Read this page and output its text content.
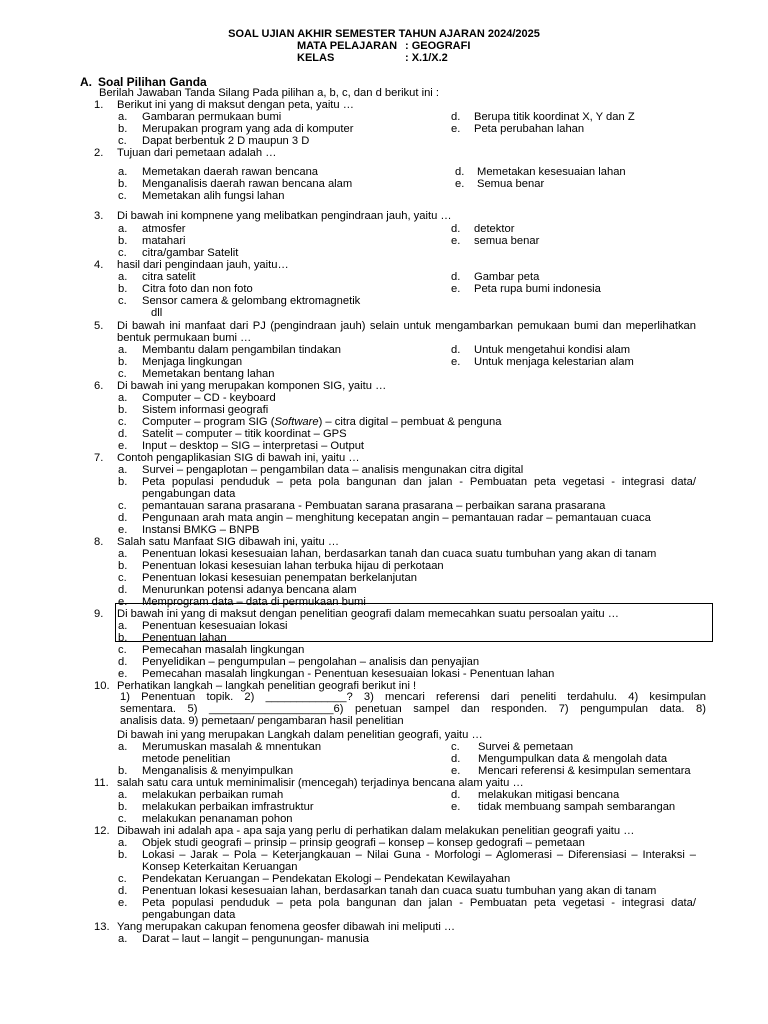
SOAL UJIAN AKHIR SEMESTER TAHUN AJARAN 2024/2025
MATA PELAJARAN : GEOGRAFI
KELAS	: X.1/X.2
A. Soal Pilihan Ganda
Berilah Jawaban Tanda Silang Pada pilihan a, b, c, dan d berikut ini :
1. Berikut ini yang di maksut dengan peta, yaitu …
a. Gambaran permukaan bumi	d. Berupa titik koordinat X, Y dan Z
b. Merupakan program yang ada di komputer	e. Peta perubahan lahan
c. Dapat berbentuk 2 D maupun 3 D
2. Tujuan dari pemetaan adalah …
a. Memetakan daerah rawan bencana	d. Memetakan kesesuaian lahan
b. Menganalisis daerah rawan bencana alam	e. Semua benar
c. Memetakan alih fungsi lahan
3. Di bawah ini kompnene yang melibatkan pengindraan jauh, yaitu …
a. atmosfer	d. detektor
b. matahari	e. semua benar
c. citra/gambar Satelit
4. hasil dari pengindaan jauh, yaitu…
a. citra satelit	d. Gambar peta
b. Citra foto dan non foto	e. Peta rupa bumi indonesia
c. Sensor camera & gelombang ektromagnetik
dll
5. Di bawah ini manfaat dari PJ (pengindraan jauh) selain untuk mengambarkan pemukaan bumi dan meperlihatkan
bentuk permukaan bumi …
a. Membantu dalam pengambilan tindakan	d. Untuk mengetahui kondisi alam
b. Menjaga lingkungan	e. Untuk menjaga kelestarian alam
c. Memetakan bentang lahan
6. Di bawah ini yang merupakan komponen SIG, yaitu …
a. Computer – CD - keyboard
b. Sistem informasi geografi
c. Computer – program SIG (Software) – citra digital – pembuat & penguna
d. Satelit – computer – titik koordinat – GPS
e. Input – desktop – SIG – interpretasi – Output
7. Contoh pengaplikasian SIG di bawah ini, yaitu …
a. Survei – pengaplotan – pengambilan data – analisis mengunakan citra digital
b. Peta populasi penduduk – peta pola bangunan dan jalan - Pembuatan peta vegetasi - integrasi data/
pengabungan data
c. pemantauan sarana prasarana - Pembuatan sarana prasarana – perbaikan sarana prasarana
d. Pengunaan arah mata angin – menghitung kecepatan angin – pemantauan radar – pemantauan cuaca
e. Instansi BMKG – BNPB
8. Salah satu Manfaat SIG dibawah ini, yaitu …
a. Penentuan lokasi kesesuaian lahan, berdasarkan tanah dan cuaca suatu tumbuhan yang akan di tanam
b. Penentuan lokasi kesesuian lahan terbuka hijau di perkotaan
c. Penentuan lokasi kesesuian penempatan berkelanjutan
d. Menurunkan potensi adanya bencana alam
e. Memprogram data – data di permukaan bumi
9. Di bawah ini yang di maksut dengan penelitian geografi dalam memecahkan suatu persoalan yaitu …
a. Penentuan kesesuaian lokasi
b. Penentuan lahan
c. Pemecahan masalah lingkungan
d. Penyelidikan – pengumpulan – pengolahan – analisis dan penyajian
e. Pemecahan masalah lingkungan - Penentuan kesesuaian lokasi - Penentuan lahan
10. Perhatikan langkah – langkah penelitian geografi berikut ini !
1) Penentuan topik. 2) _____________? 3) mencari referensi dari peneliti terdahulu. 4) kesimpulan
sementara. 5) ____________________6) penetuan sampel dan responden. 7) pengumpulan data. 8)
analisis data. 9) pemetaan/ pengambaran hasil penelitian
Di bawah ini yang merupakan Langkah dalam penelitian geografi, yaitu …
a. Merumuskan masalah & mnentukan	c. Survei & pemetaan
metode penelitian	d. Mengumpulkan data & mengolah data
b. Menganalisis & menyimpulkan	e. Mencari referensi & kesimpulan sementara
11. salah satu cara untuk meminimalisir (mencegah) terjadinya bencana alam yaitu …
a. melakukan perbaikan rumah	d. melakukan mitigasi bencana
b. melakukan perbaikan imfrastruktur	e. tidak membuang sampah sembarangan
c. melakukan penanaman pohon
12. Dibawah ini adalah apa - apa saja yang perlu di perhatikan dalam melakukan penelitian geografi yaitu …
a. Objek studi geografi – prinsip – prinsip geografi – konsep – konsep gedografi – pemetaan
b. Lokasi – Jarak – Pola – Keterjangkauan – Nilai Guna - Morfologi – Aglomerasi – Diferensiasi – Interaksi –
Konsep Keterkaitan Keruangan
c. Pendekatan Keruangan – Pendekatan Ekologi – Pendekatan Kewilayahan
d. Penentuan lokasi kesesuaian lahan, berdasarkan tanah dan cuaca suatu tumbuhan yang akan di tanam
e. Peta populasi penduduk – peta pola bangunan dan jalan - Pembuatan peta vegetasi - integrasi data/
pengabungan data
13. Yang merupakan cakupan fenomena geosfer dibawah ini meliputi …
a. Darat – laut – langit – pengunungan- manusia
